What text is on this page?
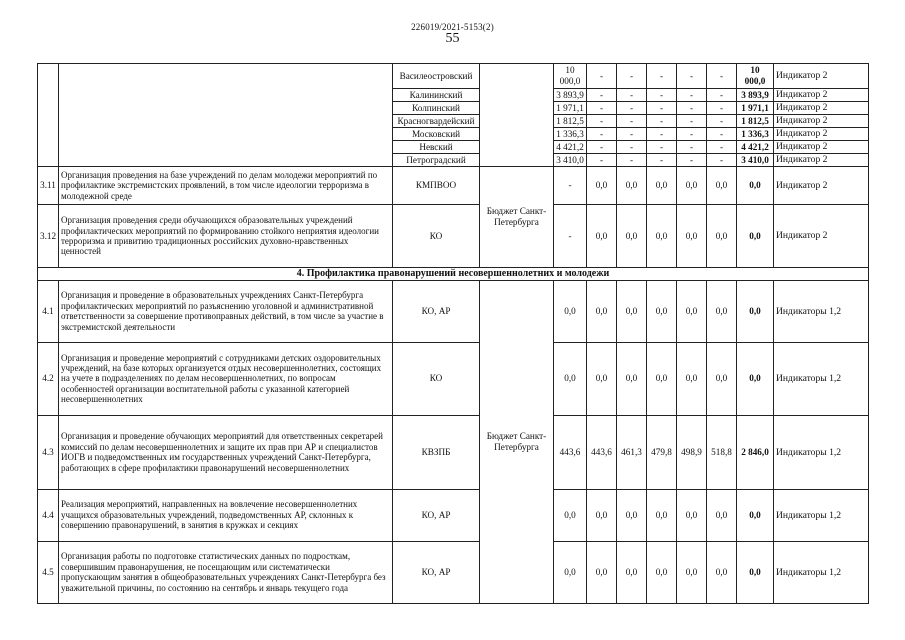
226019/2021-5153(2)
55
		Василеостровский		10 000,0	-	-	-	-	-	10 000,0	Индикатор 2
		Калининский		3 893,9	-	-	-	-	-	3 893,9	Индикатор 2
		Колпинский		1 971,1	-	-	-	-	-	1 971,1	Индикатор 2
		Красногвардейский		1 812,5	-	-	-	-	-	1 812,5	Индикатор 2
		Московский		1 336,3	-	-	-	-	-	1 336,3	Индикатор 2
		Невский		4 421,2	-	-	-	-	-	4 421,2	Индикатор 2
		Петроградский		3 410,0	-	-	-	-	-	3 410,0	Индикатор 2
3.11	Организация проведения на базе учреждений по делам молодежи мероприятий по профилактике экстремистских проявлений, в том числе идеологии терроризма в молодежной среде	КМПВОО	Бюджет Санкт-Петербурга	-	0,0	0,0	0,0	0,0	0,0	0,0	Индикатор 2
3.12	Организация проведения среди обучающихся образовательных учреждений профилактических мероприятий по формированию стойкого неприятия идеологии терроризма и привитию традиционных российских духовно-нравственных ценностей	КО		-	0,0	0,0	0,0	0,0	0,0	0,0	Индикатор 2
4. Профилактика правонарушений несовершеннолетних и молодежи											
4.1	Организация и проведение в образовательных учреждениях Санкт-Петербурга профилактических мероприятий по разъяснению уголовной и административной ответственности за совершение противоправных действий, в том числе за участие в экстремистской деятельности	КО, АР	Бюджет Санкт-Петербурга	0,0	0,0	0,0	0,0	0,0	0,0	0,0	Индикаторы 1,2
4.2	Организация и проведение мероприятий с сотрудниками детских оздоровительных учреждений, на базе которых организуется отдых несовершеннолетних, состоящих на учете в подразделениях по делам несовершеннолетних, по вопросам особенностей организации воспитательной работы с указанной категорией несовершеннолетних	КО		0,0	0,0	0,0	0,0	0,0	0,0	0,0	Индикаторы 1,2
4.3	Организация и проведение обучающих мероприятий для ответственных секретарей комиссий по делам несовершеннолетних и защите их прав при АР и специалистов ИОГВ и подведомственных им государственных учреждений Санкт-Петербурга, работающих в сфере профилактики правонарушений несовершеннолетних	КВЗПБ		443,6	443,6	461,3	479,8	498,9	518,8	2 846,0	Индикаторы 1,2
4.4	Реализация мероприятий, направленных на вовлечение несовершеннолетних учащихся образовательных учреждений, подведомственных АР, склонных к совершению правонарушений, в занятия в кружках и секциях	КО, АР		0,0	0,0	0,0	0,0	0,0	0,0	0,0	Индикаторы 1,2
4.5	Организация работы по подготовке статистических данных по подросткам, совершившим правонарушения, не посещающим или систематически пропускающим занятия в общеобразовательных учреждениях Санкт-Петербурга без уважительной причины, по состоянию на сентябрь и январь текущего года	КО, АР		0,0	0,0	0,0	0,0	0,0	0,0	0,0	Индикаторы 1,2
